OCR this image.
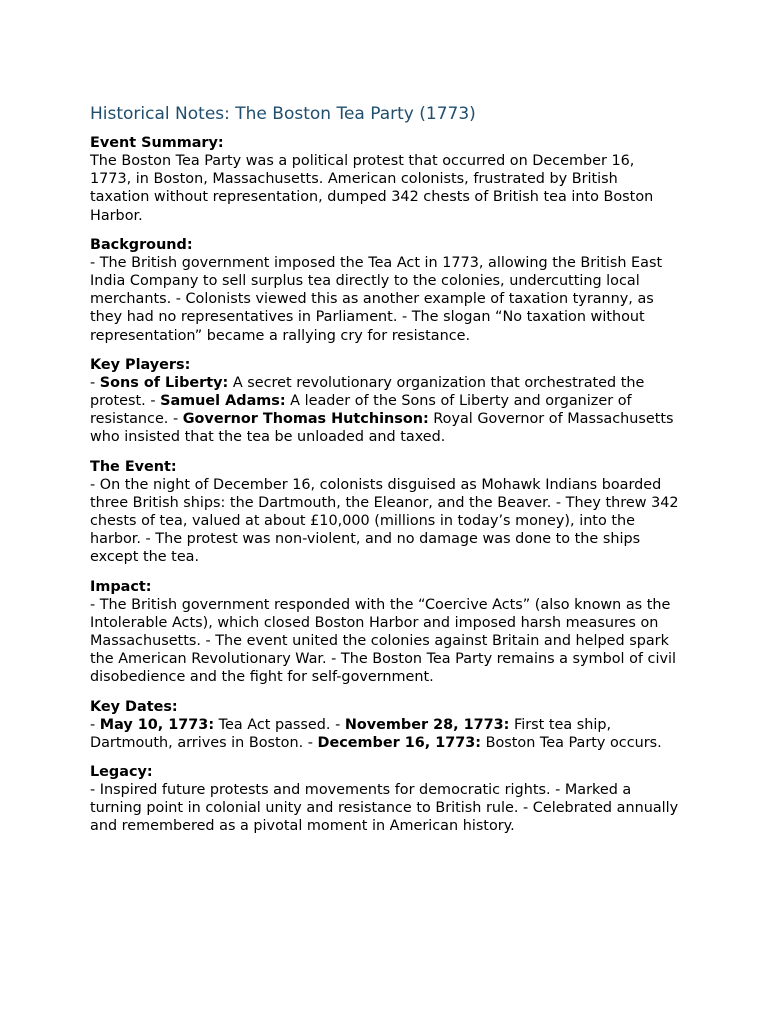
Historical Notes: The Boston Tea Party (1773)

Event Summary:

The Boston Tea Party was a political protest that occurred on December 16, 1773, in Boston, Massachusetts. American colonists, frustrated by British taxation without representation, dumped 342 chests of British tea into Boston Harbor.

Background:

- The British government imposed the Tea Act in 1773, allowing the British East India Company to sell surplus tea directly to the colonies, undercutting local merchants. - Colonists viewed this as another example of taxation tyranny, as they had no representatives in Parliament. - The slogan “No taxation without representation” became a rallying cry for resistance.

Key Players:

- Sons of Liberty: A secret revolutionary organization that orchestrated the protest. - Samuel Adams: A leader of the Sons of Liberty and organizer of resistance. - Governor Thomas Hutchinson: Royal Governor of Massachusetts who insisted that the tea be unloaded and taxed.

The Event:

- On the night of December 16, colonists disguised as Mohawk Indians boarded three British ships: the Dartmouth, the Eleanor, and the Beaver. - They threw 342 chests of tea, valued at about £10,000 (millions in today’s money), into the harbor. - The protest was non-violent, and no damage was done to the ships except the tea.

Impact:

- The British government responded with the “Coercive Acts” (also known as the Intolerable Acts), which closed Boston Harbor and imposed harsh measures on Massachusetts. - The event united the colonies against Britain and helped spark the American Revolutionary War. - The Boston Tea Party remains a symbol of civil disobedience and the fight for self-government.

Key Dates:

- May 10, 1773: Tea Act passed. - November 28, 1773: First tea ship, Dartmouth, arrives in Boston. - December 16, 1773: Boston Tea Party occurs.

Legacy:

- Inspired future protests and movements for democratic rights. - Marked a turning point in colonial unity and resistance to British rule. - Celebrated annually and remembered as a pivotal moment in American history.
